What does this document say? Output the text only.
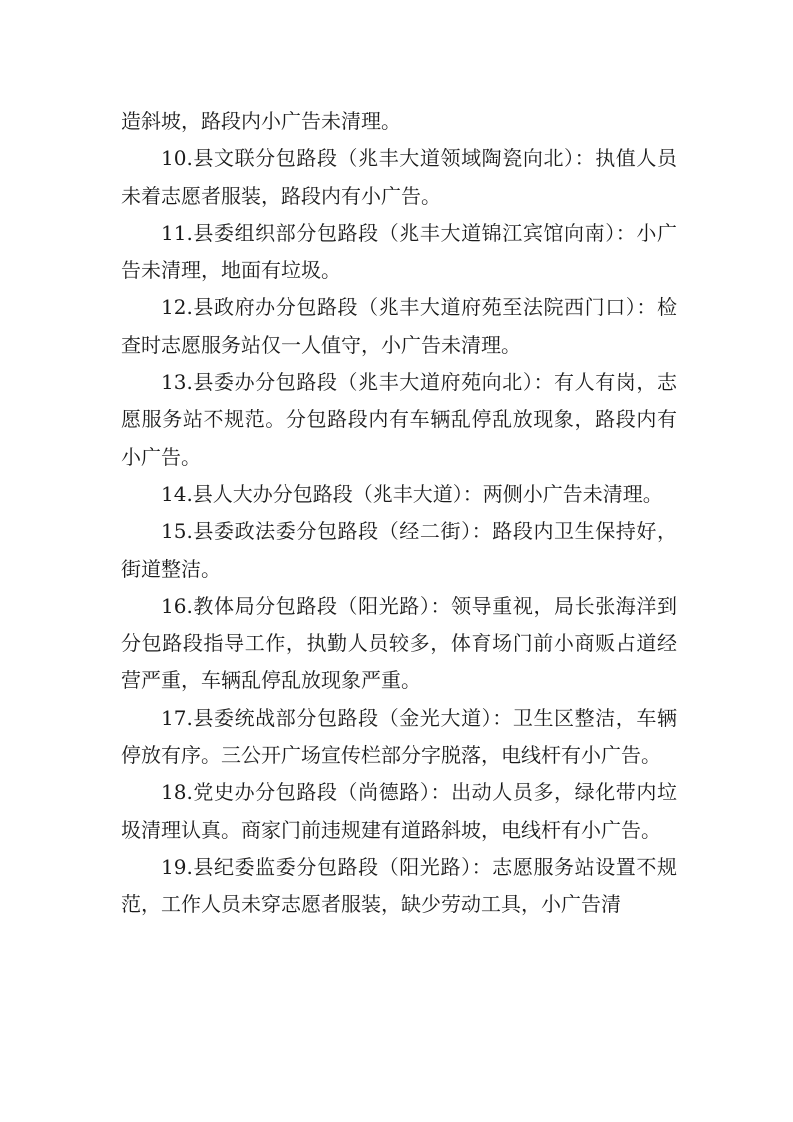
造斜坡，路段内小广告未清理。

10.县文联分包路段（兆丰大道领域陶瓷向北）：执值人员未着志愿者服装，路段内有小广告。

11.县委组织部分包路段（兆丰大道锦江宾馆向南）：小广告未清理，地面有垃圾。

12.县政府办分包路段（兆丰大道府苑至法院西门口）：检查时志愿服务站仅一人值守，小广告未清理。

13.县委办分包路段（兆丰大道府苑向北）：有人有岗，志愿服务站不规范。分包路段内有车辆乱停乱放现象，路段内有小广告。

14.县人大办分包路段（兆丰大道）：两侧小广告未清理。

15.县委政法委分包路段（经二街）：路段内卫生保持好，街道整洁。

16.教体局分包路段（阳光路）：领导重视，局长张海洋到分包路段指导工作，执勤人员较多，体育场门前小商贩占道经营严重，车辆乱停乱放现象严重。

17.县委统战部分包路段（金光大道）：卫生区整洁，车辆停放有序。三公开广场宣传栏部分字脱落，电线杆有小广告。

18.党史办分包路段（尚德路）：出动人员多，绿化带内垃圾清理认真。商家门前违规建有道路斜坡，电线杆有小广告。

19.县纪委监委分包路段（阳光路）：志愿服务站设置不规范，工作人员未穿志愿者服装，缺少劳动工具，小广告清
